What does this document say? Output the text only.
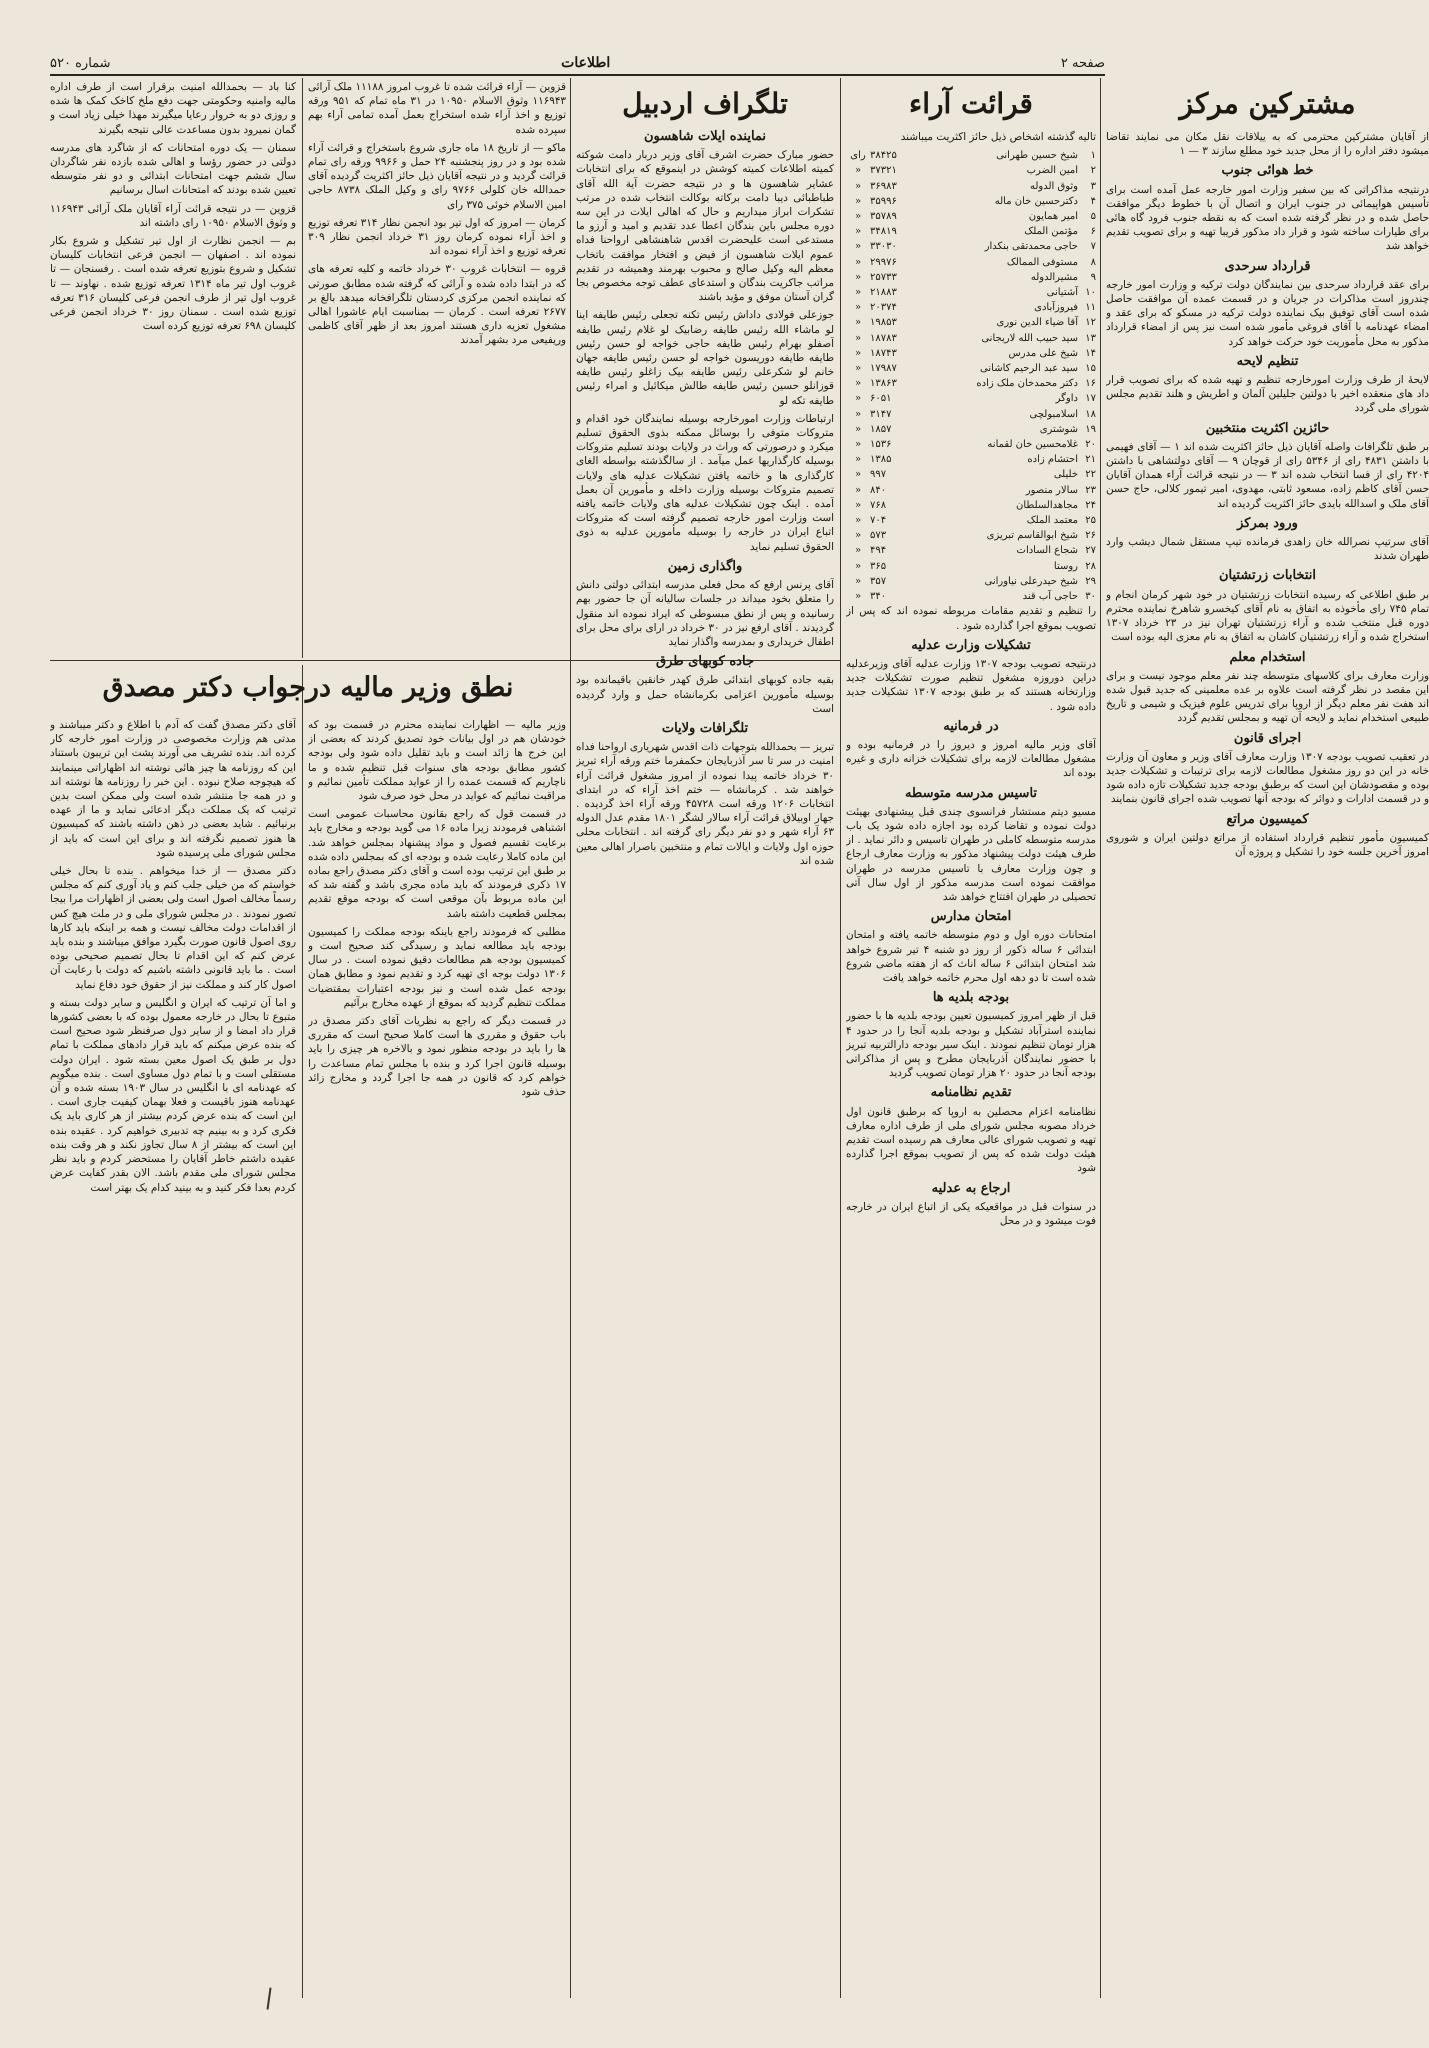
صفحه ۲
اطلاعات
شماره ۵۲۰
مشترکین مرکز

از آقایان مشترکین محترمی که به ییلاقات نقل مکان می نمایند تقاضا میشود دفتر اداره را از محل جدید خود مطلع سازند ۳ — ۱

خط هوائی جنوب

درنتیجه مذاکراتی که بین سفیر وزارت امور خارجه عمل آمده است برای تأسیس هواپیمائی در جنوب ایران و اتصال آن با خطوط دیگر موافقت حاصل شده و در نظر گرفته شده است که به نقطه جنوب فرود گاه هائی برای طیارات ساخته شود و قرار داد مذکور قریبا تهیه و برای تصویب تقدیم خواهد شد

قرارداد سرحدی

برای عقد قرارداد سرحدی بین نمایندگان دولت ترکیه و وزارت امور خارجه چندروز است مذاکرات در جریان و در قسمت عمده آن موافقت حاصل شده است آقای توفیق بیک نماینده دولت ترکیه در مسکو که برای عقد و امضاء عهدنامه با آقای فروغی مأمور شده است نیز پس از امضاء قرارداد مذکور به محل مأموریت خود حرکت خواهد کرد

تنظیم لایحه

لایحهٔ از طرف وزارت امورخارجه تنظیم و تهیه شده که برای تصویب قرار داد های منعقده اخیر با دولتین جلیلین آلمان و اطریش و هلند تقدیم مجلس شورای ملی گردد

حائزین اکثریت منتخبین

بر طبق تلگرافات واصله آقایان ذیل حائز اکثریت شده اند ۱ — آقای فهیمی با داشتن ۴۸۳۱ رای از ۵۳۴۶ رای از قوچان ۹ — آقای دولتشاهی با داشتن ۴۲۰۴ رای از فسا انتخاب شده اند ۳ — در نتیجه قرائت آراء همدان آقایان حسن آقای کاظم زاده، مسعود ثابتی، مهدوی، امیر تیمور کلالی، حاج حسن آقای ملک و اسدالله بایدی حائز اکثریت گردیده اند

ورود بمرکز

آقای سرتیپ نصرالله خان زاهدی فرمانده تیپ مستقل شمال دیشب وارد طهران شدند

انتخابات زرتشتیان

بر طبق اطلاعی که رسیده انتخابات زرتشتیان در خود شهر کرمان انجام و تمام ۷۴۵ رای مأخوذه به اتفاق به نام آقای کیخسرو شاهرخ نماینده محترم دوره قبل منتخب شده و آراء زرتشتیان تهران نیز در ۲۳ خرداد ۱۳۰۷ استخراج شده و آراء زرتشتیان کاشان به اتفاق به نام معزی الیه بوده است

استخدام معلم

وزارت معارف برای کلاسهای متوسطه چند نفر معلم موجود نیست و برای این مقصد در نظر گرفته است علاوه بر عده معلمینی که جدید قبول شده اند هفت نفر معلم دیگر از اروپا برای تدریس علوم فیزیک و شیمی و تاریخ طبیعی استخدام نماید و لایحه آن تهیه و بمجلس تقدیم گردد

اجرای قانون

در تعقیب تصویب بودجه ۱۳۰۷ وزارت معارف آقای وزیر و معاون آن وزارت خانه در این دو روز مشغول مطالعات لازمه برای ترتیبات و تشکیلات جدید بوده و مقصودشان این است که برطبق بودجه جدید تشکیلات تازه داده شود و در قسمت ادارات و دوائر که بودجه آنها تصویب شده اجرای قانون بنمایند

کمیسیون مراتع

کمیسیون مأمور تنظیم قرارداد استفاده از مراتع دولتین ایران و شوروی امروز آخرین جلسه خود را تشکیل و پروژه آن

قرائت آراء

تالیه گذشته اشخاص ذیل حائز اکثریت میباشند

۱
شیخ حسین طهرانی
۳۸۴۲۵
رای
۲
امین الضرب
۳۷۳۲۱
«
۳
وثوق الدوله
۳۶۹۸۳
«
۴
دکترحسین خان ماله
۳۵۹۹۶
«
۵
امیر همایون
۳۵۷۸۹
«
۶
مؤتمن الملک
۳۴۸۱۹
«
۷
حاجی محمدتقی بنکدار
۳۳۰۳۰
«
۸
مستوفی الممالک
۲۹۹۷۶
«
۹
مشیرالدوله
۲۵۷۳۳
«
۱۰
آشتیانی
۲۱۸۸۳
«
۱۱
فیروزآبادی
۲۰۳۷۴
«
۱۲
آقا ضیاء الدین نوری
۱۹۸۵۳
«
۱۳
سید حبیب الله لاریجانی
۱۸۷۸۳
«
۱۴
شیخ علی مدرس
۱۸۷۴۳
«
۱۵
سید عبد الرحیم کاشانی
۱۷۹۸۷
«
۱۶
دکتر محمدخان ملک زاده
۱۳۸۶۳
«
۱۷
داوگر
۶۰۵۱
«
۱۸
اسلامبولچی
۳۱۴۷
«
۱۹
شوشتری
۱۸۵۷
«
۲۰
غلامحسین خان لقمانه
۱۵۳۶
«
۲۱
احتشام زاده
۱۳۸۵
«
۲۲
خلیلی
۹۹۷
«
۲۳
سالار منصور
۸۴۰
«
۲۴
مجاهدالسلطان
۷۶۸
«
۲۵
معتمد الملک
۷۰۴
«
۲۶
شیخ ابوالقاسم تبریزی
۵۷۳
«
۲۷
شجاع السادات
۴۹۴
«
۲۸
روستا
۳۶۵
«
۲۹
شیخ حیدرعلی نیاورانی
۳۵۷
«
۳۰
حاجی آب قند
۳۴۰
«

را تنظیم و تقدیم مقامات مربوطه نموده اند که پس از تصویب بموقع اجرا گذارده شود .

تشکیلات وزارت عدلیه

درنتیجه تصویب بودجه ۱۳۰۷ وزارت عدلیه آقای وزیرعدلیه دراین دوروزه مشغول تنظیم صورت تشکیلات جدید وزارتخانه هستند که بر طبق بودجه ۱۳۰۷ تشکیلات جدید داده شود .

در فرمانیه

آقای وزیر مالیه امروز و دیروز را در فرمانیه بوده و مشغول مطالعات لازمه برای تشکیلات خزانه داری و غیره بوده اند

تاسیس مدرسه متوسطه

مسیو دیتم مستشار فرانسوی چندی قبل پیشنهادی بهیئت دولت نموده و تقاضا کرده بود اجازه داده شود یک باب مدرسه متوسطه کاملی در طهران تاسیس و دائر نماید . از طرف هیئت دولت پیشنهاد مذکور به وزارت معارف ارجاع و چون وزارت معارف با تاسیس مدرسه در طهران موافقت نموده است مدرسه مذکور از اول سال آتی تحصیلی در طهران افتتاح خواهد شد

امتحان مدارس

امتحانات دوره اول و دوم متوسطه خاتمه یافته و امتحان ابتدائی ۶ ساله ذکور از روز دو شنبه ۴ تیر شروع خواهد شد امتحان ابتدائی ۶ ساله اناث که از هفته ماضی شروع شده است تا دو دهه اول محرم خاتمه خواهد یافت

بودجه بلدیه ها

قبل از ظهر امروز کمیسیون تعیین بودجه بلدیه ها با حضور نماینده استرآباد تشکیل و بودجه بلدیه آنجا را در حدود ۴ هزار تومان تنظیم نمودند . اینک سیر بودجه دارالتربیه تبریز با حضور نمایندگان آذربایجان مطرح و پس از مذاکراتی بودجه آنجا در حدود ۲۰ هزار تومان تصویب گردید

تقدیم نظامنامه

نظامنامه اعزام محصلین به اروپا که برطبق قانون اول خرداد مصوبه مجلس شورای ملی از طرف اداره معارف تهیه و تصویب شورای عالی معارف هم رسیده است تقدیم هیئت دولت شده که پس از تصویب بموقع اجرا گذارده شود

ارجاع به عدلیه

در سنوات قبل در مواقعیکه یکی از اتباع ایران در خارجه فوت میشود و در محل

تلگراف اردبیل
نماینده ایلات شاهسون

حضور مبارک حضرت اشرف آقای وزیر دربار دامت شوکته کمیته اطلاعات کمیته کوشش در اینموقع که برای انتخابات عشایر شاهسون ها و در نتیجه حضرت آیة الله آقای طباطبائی دیبا دامت برکاته بوکالت انتخاب شده در مرتب تشکرات ابراز میداریم و حال که اهالی ایلات در این سه دوره مجلس باین بندگان اعطا عدد تقدیم و امید و آرزو ما مستدعی است علیحضرت اقدس شاهنشاهی ارواحنا فداه عموم ایلات شاهسون از فیض و افتخار موافقت باتخاب معظم الیه وکیل صالح و محبوب بهرمند وهمیشه در تقدیم مراتب جاکریت بندگان و استدعای عطف توجه مخصوص بجا گران آستان موفق و مؤید باشند

جوزعلی فولادی داداش رئیس تکنه تجعلی رئیس طایفه اینا لو ماشاء الله رئیس طایفه رضابیک لو غلام رئیس طایفه آصفلو بهرام رئیس طایفه حاجی خواجه لو حسن رئیس طایفه طایفه دوریسون خواجه لو حسن رئیس طایفه جهان خانم لو شکرعلی رئیس طایفه بیک زاغلو رئیس طایفه قوزانلو حسین رئیس طایفه طالش میکائیل و امراء رئیس طایفه تکه لو

ارتباطات وزارت امورخارجه بوسیله نمایندگان خود اقدام و متروکات متوفی را بوسائل ممکنه بذوی الحقوق تسلیم میکرد و درصورتی که وراث در ولایات بودند تسلیم متروکات بوسیله کارگذاریها عمل میآمد . از سالگذشته بواسطه الغای کارگذاری ها و خاتمه یافتن تشکیلات عدلیه های ولایات تصمیم متروکات بوسیله وزارت داخله و مأمورین آن بعمل آمده . اینک چون تشکیلات عدلیه های ولایات خاتمه یافته است وزارت امور خارجه تصمیم گرفته است که متروکات اتباع ایران در خارجه را بوسیله مأمورین عدلیه به ذوی الحقوق تسلیم نماید

واگذاری زمین

آقای پرنس ارفع که محل فعلی مدرسه ابتدائی دولتی دانش را متعلق بخود میداند در جلسات سالیانه آن جا حضور بهم رسانیده و پس از نطق مبسوطی که ایراد نموده اند منقول گردیدند . آقای ارفع نیز در ۳۰ خرداد در ارای برای محل برای اطفال خریداری و بمدرسه واگذار نماید

جاده کوبهای طرق

بقیه جاده کوبهای ابتدائی طرق کهدر خانقین باقیمانده بود بوسیله مأمورین اعزامی بکرمانشاه حمل و وارد گردیده است

تلگرافات ولایات

تبریز — بحمدالله بتوجهات ذات اقدس شهریاری ارواحنا فداه امنیت در سر تا سر آذربایجان حکمفرما ختم ورقه آراء تبریز ۳۰ خرداد خاتمه پیدا نموده از امروز مشغول قرائت آراء خواهند شد . کرمانشاه — ختم اخذ آراء که در ابتدای انتخابات ۱۲۰۶ ورقه است ۴۵۷۲۸ ورقه آراء اخذ گردیده . جهار اوبیلاق قرائت آراء سالار لشگر ۱۸۰۱ مقدم عدل الدوله ۶۳ آراء شهر و دو نفر دیگر رای گرفته اند . انتخابات محلی حوزه اول ولایات و ایالات تمام و منتخبین باصرار اهالی معین شده اند

قزوین — آراء قرائت شده تا غروب امروز ۱۱۱۸۸ ملک آرائی ۱۱۶۹۴۳ وثوق الاسلام ۱۰۹۵۰ در ۳۱ ماه تمام که ۹۵۱ ورقه توزیع و اخذ آراء شده استخراج بعمل آمده تمامی آراء بهم سپرده شده

ماکو — از تاریخ ۱۸ ماه جاری شروع باستخراج و قرائت آراء شده بود و در روز پنجشنبه ۲۴ حمل و ۹۹۶۶ ورقه رای تمام قرائت گردید و در نتیجه آقایان ذیل حائز اکثریت گردیده آقای حمدالله خان کلولی ۹۷۶۶ رای و وکیل الملک ۸۷۳۸ حاجی امین الاسلام خوئی ۳۷۵ رای

کرمان — امروز که اول تیر بود انجمن نظار ۳۱۴ تعرفه توزیع و اخذ آراء نموده کرمان روز ۳۱ خرداد انجمن نظار ۳۰۹ تعرفه توزیع و اخذ آراء نموده اند

قروه — انتخابات غروب ۳۰ خرداد خاتمه و کلیه تعرفه های که در ابتدا داده شده و آرائی که گرفته شده مطابق صورتی که نماینده انجمن مرکزی کردستان تلگرافخانه میدهد بالغ بر ۲۶۷۷ تعرفه است . کرمان — بمناسبت ایام عاشورا اهالی مشغول تعزیه داری هستند امروز بعد از ظهر آقای کاظمی وریفیعی مرد بشهر آمدند

کنا باد — بحمدالله امنیت برقرار است از طرف اداره مالیه وامنیه وحکومتی جهت دفع ملخ کاخک کمک ها شده و روزی دو به خروار رعایا میگیرند مهذا خیلی زیاد است و گمان نمیرود بدون مساعدت عالی نتیجه بگیرند

سمنان — یک دوره امتحانات که از شاگرد های مدرسه دولتی در حضور رؤسا و اهالی شده بازده نفر شاگردان سال ششم جهت امتحانات ابتدائی و دو نفر متوسطه تعیین شده بودند که امتحانات اسال برسانیم

قزوین — در نتیجه قرائت آراء آقایان ملک آرائی ۱۱۶۹۴۳ و وثوق الاسلام ۱۰۹۵۰ رای داشته اند

بم — انجمن نظارت از اول تیر تشکیل و شروع بکار نموده اند . اصفهان — انجمن فرعی انتخابات کلیسان تشکیل و شروع بتوزیع تعرفه شده است . رفسنجان — تا غروب اول تیر ماه ۱۳۱۴ تعرفه توزیع شده . نهاوند — تا غروب اول تیر از طرف انجمن فرعی کلیسان ۳۱۶ تعرفه توزیع شده است . سمنان روز ۳۰ خرداد انجمن فرعی کلیسان ۶۹۸ تعرفه توزیع کرده است

نطق وزیر مالیه درجواب دکتر مصدق

وزیر مالیه — اظهارات نماینده محترم در قسمت بود که خودشان هم در اول بیانات خود تصدیق کردند که بعضی از این خرج ها زائد است و باید تقلیل داده شود ولی بودجه کشور مطابق بودجه های سنوات قبل تنظیم شده و ما ناچاریم که قسمت عمده را از عواید مملکت تأمین نمائیم و مراقبت نمائیم که عواید در محل خود صرف شود

در قسمت قول که راجع بقانون محاسبات عمومی است اشتباهی فرمودند زیرا ماده ۱۶ می گوید بودجه و مخارج باید برعایت تقسیم فصول و مواد پیشنهاد بمجلس خواهد شد. این ماده کاملا رعایت شده و بودجه ای که بمجلس داده شده بر طبق این ترتیب بوده است و آقای دکتر مصدق راجع بماده ۱۷ ذکری فرمودند که باید ماده مجری باشد و گفته شد که این ماده مربوط بآن موقعی است که بودجه موقع تقدیم بمجلس قطعیت داشته باشد

مطلبی که فرمودند راجع باینکه بودجه مملکت را کمیسیون بودجه باید مطالعه نماید و رسیدگی کند صحیح است و کمیسیون بودجه هم مطالعات دقیق نموده است . در سال ۱۳۰۶ دولت بوجه ای تهیه کرد و تقدیم نمود و مطابق همان بودجه عمل شده است و نیز بودجه اعتبارات بمقتضیات مملکت تنظیم گردید که بموقع از عهده مخارج برآئیم

در قسمت دیگر که راجع به نظریات آقای دکتر مصدق در باب حقوق و مقرری ها است کاملا صحیح است که مقرری ها را باید در بودجه منظور نمود و بالاخره هر چیزی را باید بوسیله قانون اجرا کرد و بنده با مجلس تمام مساعدت را خواهم کرد که قانون در همه جا اجرا گردد و مخارج زائد حذف شود

آقای دکتر مصدق گفت که آدم با اطلاع و دکتر میباشند و مدتی هم وزارت مخصوصی در وزارت امور خارجه کار کرده اند. بنده تشریف می آورند پشت این تریبون باستناد این که روزنامه ها چیز هائی نوشته اند اظهاراتی مینمایند که هیچوجه صلاح نبوده . این خبر را روزنامه ها نوشته اند و در همه جا منتشر شده است ولی ممکن است بدین ترتیب که یک مملکت دیگر ادعائی نماید و ما از عهده برنیائیم . شاید بعضی در ذهن داشته باشند که کمیسیون ها هنوز تصمیم نگرفته اند و برای این است که باید از مجلس شورای ملی پرسیده شود

دکتر مصدق — از خدا میخواهم . بنده تا بحال خیلی خواستم که من خیلی جلب کنم و یاد آوری کنم که مجلس رسماً مخالف اصول است ولی بعضی از اظهارات مرا بیجا تصور نمودند . در مجلس شورای ملی و در ملت هیچ کس از اقدامات دولت مخالف نیست و همه بر اینکه باید کارها روی اصول قانون صورت بگیرد موافق میباشند و بنده باید عرض کنم که این اقدام تا بحال تصمیم صحیحی بوده است . ما باید قانونی داشته باشیم که دولت با رعایت آن اصول کار کند و مملکت نیز از حقوق خود دفاع نماید

و اما آن ترتیب که ایران و انگلیس و سایر دولت بسته و متبوع تا بحال در خارجه معمول بوده که با بعضی کشورها قرار داد امضا و از سایر دول صرفنظر شود صحیح است که بنده عرض میکنم که باید قرار دادهای مملکت با تمام دول بر طبق یک اصول معین بسته شود . ایران دولت مستقلی است و با تمام دول مساوی است . بنده میگویم که عهدنامه ای با انگلیس در سال ۱۹۰۳ بسته شده و آن عهدنامه هنوز باقیست و فعلا بهمان کیفیت جاری است . این است که بنده عرض کردم بیشتر از هر کاری باید یک فکری کرد و به بینیم چه تدبیری خواهیم کرد . عقیده بنده این است که بیشتر از ۸ سال تجاوز نکند و هر وقت بنده عقیده داشتم خاطر آقایان را مستحضر کردم و باید نظر مجلس شورای ملی مقدم باشد. الان بقدر کفایت عرض کردم بعدا فکر کنید و به بینید کدام یک بهتر است
